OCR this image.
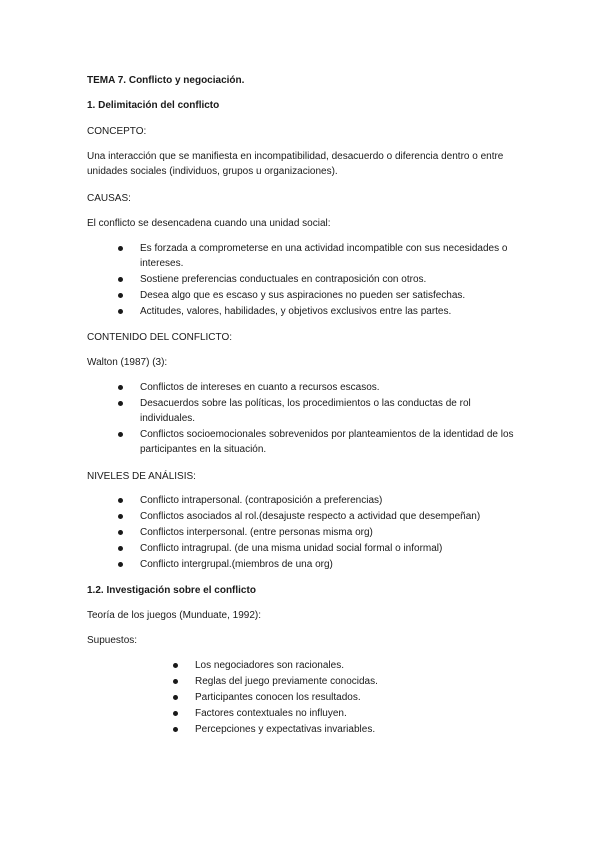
TEMA 7. Conflicto y negociación.
1. Delimitación del conflicto
CONCEPTO:
Una interacción que se manifiesta en incompatibilidad, desacuerdo o diferencia dentro o entre unidades sociales (individuos, grupos u organizaciones).
CAUSAS:
El conflicto se desencadena cuando una unidad social:
Es forzada a comprometerse en una actividad incompatible con sus necesidades o intereses.
Sostiene preferencias conductuales en contraposición con otros.
Desea algo que es escaso y sus aspiraciones no pueden ser satisfechas.
Actitudes, valores, habilidades, y objetivos exclusivos entre las partes.
CONTENIDO DEL CONFLICTO:
Walton (1987) (3):
Conflictos de intereses en cuanto a recursos escasos.
Desacuerdos sobre las políticas, los procedimientos o las conductas de rol individuales.
Conflictos socioemocionales sobrevenidos por planteamientos de la identidad de los participantes en la situación.
NIVELES DE ANÁLISIS:
Conflicto intrapersonal. (contraposición a preferencias)
Conflictos asociados al rol.(desajuste respecto a actividad que desempeñan)
Conflictos interpersonal. (entre personas misma org)
Conflicto intragrupal. (de una misma unidad social formal o informal)
Conflicto intergrupal.(miembros de una org)
1.2. Investigación sobre el conflicto
Teoría de los juegos (Munduate, 1992):
Supuestos:
Los negociadores son racionales.
Reglas del juego previamente conocidas.
Participantes conocen los resultados.
Factores contextuales no influyen.
Percepciones y expectativas invariables.
